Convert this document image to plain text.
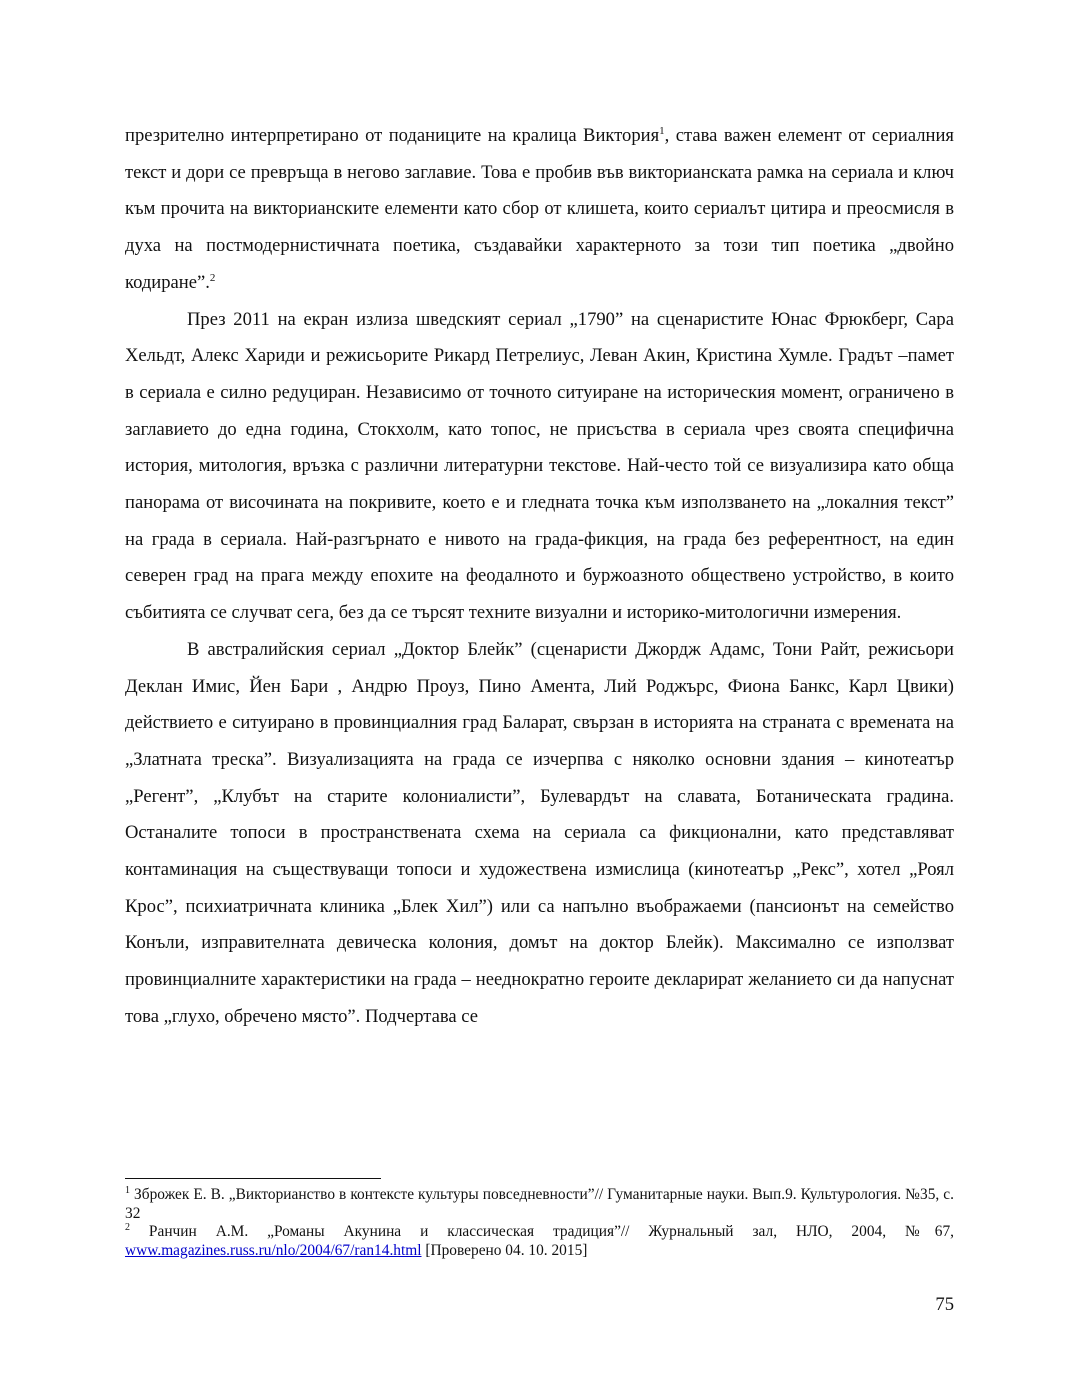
презрително интерпретирано от поданиците на кралица Виктория$^1$, става важен елемент от сериалния текст и дори се превръща в негово заглавие. Това е пробив във викторианската рамка на сериала и ключ към прочита на викторианските елементи като сбор от клишета, които сериалът цитира и преосмисля в духа на постмодернистичната поетика, създавайки характерното за този тип поетика „двойно кодиране”.$^2$

През 2011 на екран излиза шведският сериал „1790” на сценаристите Юнас Фрюкберг, Сара Хельдт, Алекс Хариди и режисьорите Рикард Петрелиус, Леван Акин, Кристина Хумле. Градът –памет в сериала е силно редуциран. Независимо от точното ситуиране на историческия момент, ограничено в заглавието до една година, Стокхолм, като топос, не присъства в сериала чрез своята специфична история, митология, връзка с различни литературни текстове. Най-често той се визуализира като обща панорама от височината на покривите, което е и гледната точка към използването на „локалния текст” на града в сериала. Най-разгърнато е нивото на града-фикция, на града без референтност, на един северен град на прага между епохите на феодалното и буржоазното обществено устройство, в които събитията се случват сега, без да се търсят техните визуални и историко-митологични измерения.

В австралийския сериал „Доктор Блейк” (сценаристи Джордж Адамс, Тони Райт, режисьори Деклан Имис, Йен Бари , Андрю Проуз, Пино Амента, Лий Роджърс, Фиона Банкс, Карл Цвики) действието е ситуирано в провинциалния град Баларат, свързан в историята на страната с времената на „Златната треска”. Визуализацията на града се изчерпва с няколко основни здания – кинотеатър „Регент”, „Клубът на старите колониалисти”, Булевардът на славата, Ботаническата градина. Останалите топоси в пространствената схема на сериала са фикционални, като представляват контаминация на съществуващи топоси и художествена измислица (кинотеатър „Рекс”, хотел „Роял Крос”, психиатричната клиника „Блек Хил”) или са напълно въображаеми (пансионът на семейство Конъли, изправителната девическа колония, домът на доктор Блейк). Максимално се използват провинциалните характеристики на града – нееднократно героите декларират желанието си да напуснат това „глухо, обречено място”. Подчертава се

$^1$ Зброжек Е. В. „Викторианство в контексте культуры повседневности”// Гуманитарные науки. Вып.9. Культурология. №35, с. 32

$^2$ Ранчин А.М. „Романы Акунина и классическая традиция”// Журнальный зал, НЛО, 2004, №67, www.magazines.russ.ru/nlo/2004/67/ran14.html [Проверено 04. 10. 2015]

75
